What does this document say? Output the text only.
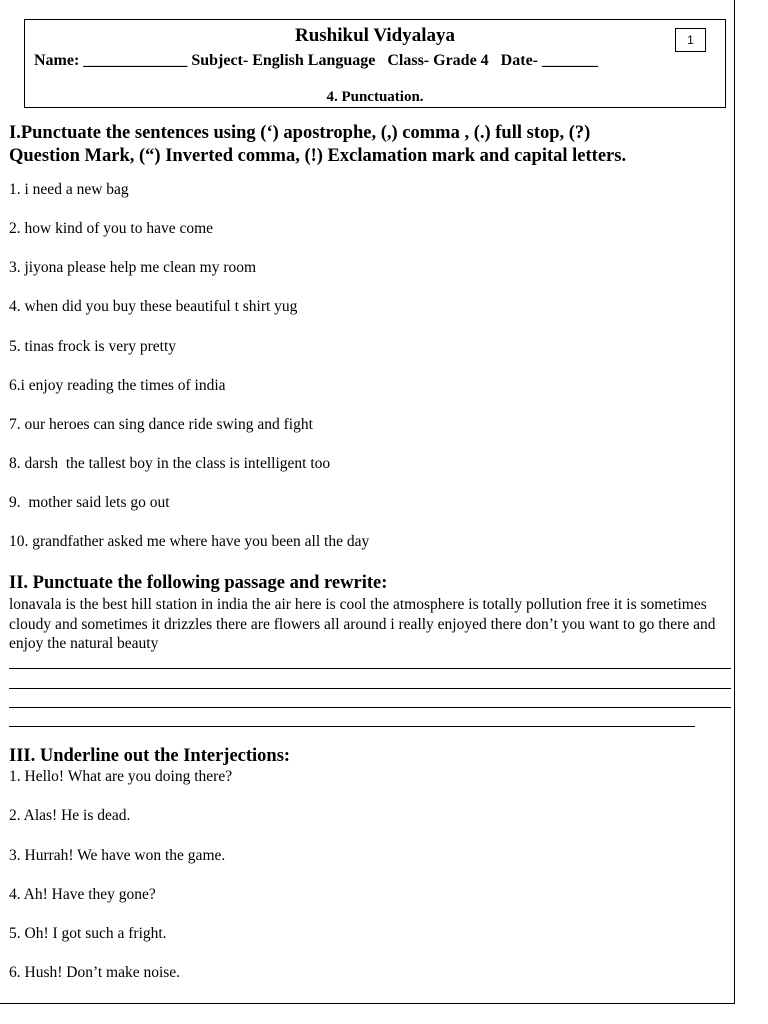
Rushikul Vidyalaya	1
Name: _____________ Subject- English Language   Class- Grade 4   Date- _______
4. Punctuation.
I.Punctuate the sentences using (‘) apostrophe, (,) comma , (.) full stop, (?)
Question Mark, (“) Inverted comma, (!) Exclamation mark and capital letters.
1. i need a new bag
2. how kind of you to have come
3. jiyona please help me clean my room
4. when did you buy these beautiful t shirt yug
5. tinas frock is very pretty
6.i enjoy reading the times of india
7. our heroes can sing dance ride swing and fight
8. darsh  the tallest boy in the class is intelligent too
9.  mother said lets go out
10. grandfather asked me where have you been all the day
II. Punctuate the following passage and rewrite:
lonavala is the best hill station in india the air here is cool the atmosphere is totally pollution free it is sometimes cloudy and sometimes it drizzles there are flowers all around i really enjoyed there don’t you want to go there and enjoy the natural beauty
III. Underline out the Interjections:
1. Hello! What are you doing there?
2. Alas! He is dead.
3. Hurrah! We have won the game.
4. Ah! Have they gone?
5. Oh! I got such a fright.
6. Hush! Don’t make noise.
